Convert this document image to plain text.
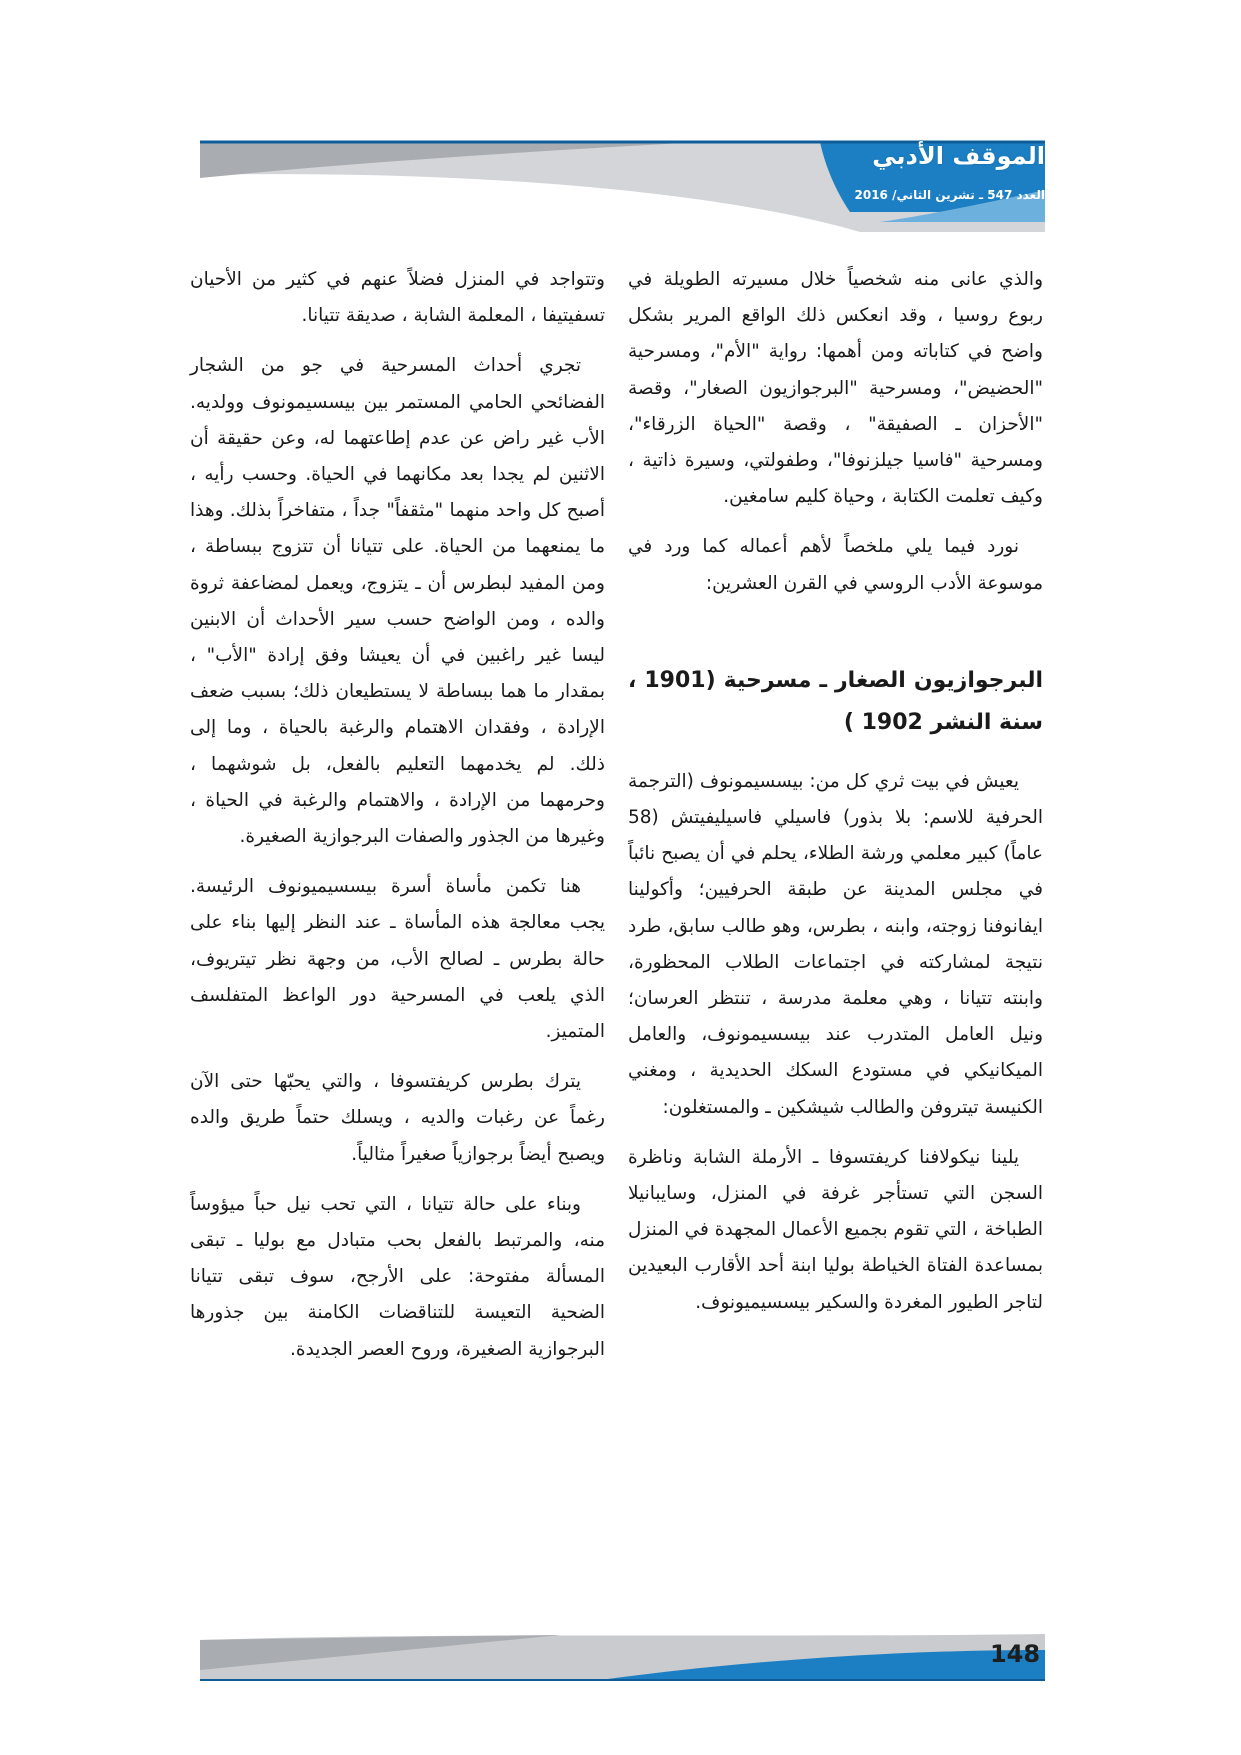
الموقف الأدبي
العدد 547 ـ تشرين الثاني/ 2016

والذي عانى منه شخصياً خلال مسيرته الطويلة في ربوع روسيا ، وقد انعكس ذلك الواقع المرير بشكل واضح في كتاباته ومن أهمها: رواية "الأم"، ومسرحية "الحضيض"، ومسرحية "البرجوازيون الصغار"، وقصة "الأحزان ـ الصفيقة" ، وقصة "الحياة الزرقاء"، ومسرحية "فاسيا جيلزنوفا"، وطفولتي، وسيرة ذاتية ، وكيف تعلمت الكتابة ، وحياة كليم سامغين.

نورد فيما يلي ملخصاً لأهم أعماله كما ورد في موسوعة الأدب الروسي في القرن العشرين:

البرجوازيون الصغار ـ مسرحية (1901 ، سنة النشر 1902 )

يعيش في بيت ثري كل من: بيسسيمونوف (الترجمة الحرفية للاسم: بلا بذور) فاسيلي فاسيليفيتش (58 عاماً) كبير معلمي ورشة الطلاء، يحلم في أن يصبح نائباً في مجلس المدينة عن طبقة الحرفيين؛ وأكولينا ايفانوفنا زوجته، وابنه ، بطرس، وهو طالب سابق، طرد نتيجة لمشاركته في اجتماعات الطلاب المحظورة، وابنته تتيانا ، وهي معلمة مدرسة ، تنتظر العرسان؛ ونيل العامل المتدرب عند بيسسيمونوف، والعامل الميكانيكي في مستودع السكك الحديدية ، ومغني الكنيسة تيتروفن والطالب شيشكين ـ والمستغلون:

يلينا نيكولافنا كريفتسوفا ـ الأرملة الشابة وناظرة السجن التي تستأجر غرفة في المنزل، وسايبانيلا الطباخة ، التي تقوم بجميع الأعمال المجهدة في المنزل بمساعدة الفتاة الخياطة بوليا ابنة أحد الأقارب البعيدين لتاجر الطيور المغردة والسكير بيسسيميونوف.

وتتواجد في المنزل فضلاً عنهم في كثير من الأحيان تسفيتيفا ، المعلمة الشابة ، صديقة تتيانا.

تجري أحداث المسرحية في جو من الشجار الفضائحي الحامي المستمر بين بيسسيمونوف وولديه. الأب غير راض عن عدم إطاعتهما له، وعن حقيقة أن الاثنين لم يجدا بعد مكانهما في الحياة. وحسب رأيه ، أصبح كل واحد منهما "مثقفاً" جداً ، متفاخراً بذلك. وهذا ما يمنعهما من الحياة. على تتيانا أن تتزوج ببساطة ، ومن المفيد لبطرس أن ـ يتزوج، ويعمل لمضاعفة ثروة والده ، ومن الواضح حسب سير الأحداث أن الابنين ليسا غير راغبين في أن يعيشا وفق إرادة "الأب" ، بمقدار ما هما ببساطة لا يستطيعان ذلك؛ بسبب ضعف الإرادة ، وفقدان الاهتمام والرغبة بالحياة ، وما إلى ذلك. لم يخدمهما التعليم بالفعل، بل شوشهما ، وحرمهما من الإرادة ، والاهتمام والرغبة في الحياة ، وغيرها من الجذور والصفات البرجوازية الصغيرة.

هنا تكمن مأساة أسرة بيسسيميونوف الرئيسة. يجب معالجة هذه المأساة ـ عند النظر إليها بناء على حالة بطرس ـ لصالح الأب، من وجهة نظر تيتريوف، الذي يلعب في المسرحية دور الواعظ المتفلسف المتميز.

يترك بطرس كريفتسوفا ، والتي يحبّها حتى الآن رغماً عن رغبات والديه ، ويسلك حتماً طريق والده ويصبح أيضاً برجوازياً صغيراً مثالياً.

وبناء على حالة تتيانا ، التي تحب نيل حباً ميؤوساً منه، والمرتبط بالفعل بحب متبادل مع بوليا ـ تبقى المسألة مفتوحة: على الأرجح، سوف تبقى تتيانا الضحية التعيسة للتناقضات الكامنة بين جذورها البرجوازية الصغيرة، وروح العصر الجديدة.

148
